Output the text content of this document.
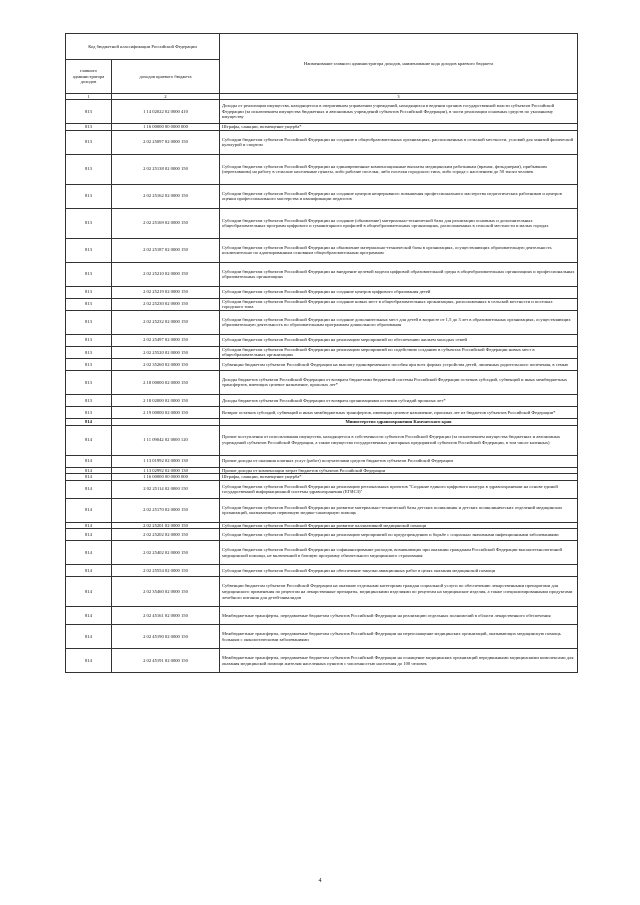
Код бюджетной классификации Российской Федерации		Наименование главного администратора доходов, наименование кода доходов краевого бюджета
главного администратора доходов	доходов краевого бюджета	
1	2	3
813	1 14 02022 02 0000 410	Доходы от реализации имущества, находящегося в оперативном управлении учреждений, находящихся в ведении органов государственной власти субъектов Российской Федерации (за исключением имущества бюджетных и автономных учреждений субъектов Российской Федерации), в части реализации основных средств по указанному имуществу
813	1 16 00000 00 0000 000	Штрафы, санкции, возмещение ущерба*
813	2 02 25097 02 0000 150	Субсидии бюджетам субъектов Российской Федерации на создание в общеобразовательных организациях, расположенных в сельской местности, условий для занятий физической культурой и спортом
813	2 02 25138 02 0000 150	Субсидии бюджетам субъектов Российской Федерации на единовременные компенсационные выплаты медицинским работникам (врачам, фельдшерам), прибывшим (переехавшим) на работу в сельские населенные пункты, либо рабочие поселки, либо поселки городского типа, либо города с населением до 50 тысяч человек
813	2 02 25162 02 0000 150	Субсидии бюджетам субъектов Российской Федерации на создание центров непрерывного повышения профессионального мастерства педагогических работников и центров оценки профессионального мастерства и квалификации педагогов
813	2 02 25169 02 0000 150	Субсидии бюджетам субъектов Российской Федерации на создание (обновление) материально-технической базы для реализации основных и дополнительных общеобразовательных программ цифрового и гуманитарного профилей в общеобразовательных организациях, расположенных в сельской местности и малых городах
813	2 02 25187 02 0000 150	Субсидии бюджетам субъектов Российской Федерации на обновление материально-технической базы в организациях, осуществляющих образовательную деятельность исключительно по адаптированным основным общеобразовательным программам
813	2 02 25210 02 0000 150	Субсидии бюджетам субъектов Российской Федерации на внедрение целевой модели цифровой образовательной среды в общеобразовательных организациях и профессиональных образовательных организациях
813	2 02 25219 02 0000 150	Субсидии бюджетам субъектов Российской Федерации на создание центров цифрового образования детей
813	2 02 25230 02 0000 150	Субсидии бюджетам субъектов Российской Федерации на создание новых мест в общеобразовательных организациях, расположенных в сельской местности и поселках городского типа
813	2 02 25232 02 0000 150	Субсидии бюджетам субъектов Российской Федерации на создание дополнительных мест для детей в возрасте от 1,5 до 3 лет в образовательных организациях, осуществляющих образовательную деятельность по образовательным программам дошкольного образования
813	2 02 25497 02 0000 150	Субсидии бюджетам субъектов Российской Федерации на реализацию мероприятий по обеспечению жильем молодых семей
813	2 02 25520 02 0000 150	Субсидии бюджетам субъектов Российской Федерации на реализацию мероприятий по содействию созданию в субъектах Российской Федерации новых мест в общеобразовательных организациях
813	2 02 35260 02 0000 150	Субвенции бюджетам субъектов Российской Федерации на выплату единовременного пособия при всех формах устройства детей, лишенных родительского попечения, в семью
813	2 18 00000 02 0000 150	Доходы бюджетов субъектов Российской Федерации от возврата бюджетами бюджетной системы Российской Федерации остатков субсидий, субвенций и иных межбюджетных трансфертов, имеющих целевое назначение, прошлых лет*
813	2 18 02000 02 0000 150	Доходы бюджетов субъектов Российской Федерации от возврата организациями остатков субсидий прошлых лет*
813	2 19 00000 02 0000 150	Возврат остатков субсидий, субвенций и иных межбюджетных трансфертов, имеющих целевое назначение, прошлых лет из бюджетов субъектов Российской Федерации*
814		Министерство здравоохранения Камчатского края
814	1 11 09042 02 0000 120	Прочие поступления от использования имущества, находящегося в собственности субъектов Российской Федерации (за исключением имущества бюджетных и автономных учреждений субъектов Российской Федерации, а также имущества государственных унитарных предприятий субъектов Российской Федерации, в том числе казенных)
814	1 13 01992 02 0000 130	Прочие доходы от оказания платных услуг (работ) получателями средств бюджетов субъектов Российской Федерации
814	1 13 02992 02 0000 130	Прочие доходы от компенсации затрат бюджетов субъектов Российской Федерации
814	1 16 00000 00 0000 000	Штрафы, санкции, возмещение ущерба*
814	2 02 25114 02 0000 150	Субсидии бюджетам субъектов Российской Федерации на реализацию региональных проектов "Создание единого цифрового контура в здравоохранении на основе единой государственной информационной системы здравоохранения (ЕГИСЗ)"
814	2 02 25170 02 0000 150	Субсидии бюджетам субъектов Российской Федерации на развитие материально-технической базы детских поликлиник и детских поликлинических отделений медицинских организаций, оказывающих первичную медико-санитарную помощь
814	2 02 25201 02 0000 150	Субсидии бюджетам субъектов Российской Федерации на развитие паллиативной медицинской помощи
814	2 02 25202 02 0000 150	Субсидии бюджетам субъектов Российской Федерации на реализацию мероприятий по предупреждению и борьбе с социально значимыми инфекционными заболеваниями
814	2 02 25402 02 0000 150	Субсидии бюджетам субъектов Российской Федерации на софинансирование расходов, возникающих при оказании гражданам Российской Федерации высокотехнологичной медицинской помощи, не включенной в базовую программу обязательного медицинского страхования
814	2 02 25554 02 0000 150	Субсидии бюджетам субъектов Российской Федерации на обеспечение закупки авиационных работ в целях оказания медицинской помощи
814	2 02 35460 02 0000 150	Субвенции бюджетам субъектов Российской Федерации на оказание отдельным категориям граждан социальной услуги по обеспечению лекарственными препаратами для медицинского применения по рецептам на лекарственные препараты, медицинскими изделиями по рецептам на медицинские изделия, а также специализированными продуктами лечебного питания для детей-инвалидов
814	2 02 45161 02 0000 150	Межбюджетные трансферты, передаваемые бюджетам субъектов Российской Федерации на реализацию отдельных полномочий в области лекарственного обеспечения
814	2 02 45190 02 0000 150	Межбюджетные трансферты, передаваемые бюджетам субъектов Российской Федерации на переоснащение медицинских организаций, оказывающих медицинскую помощь больным с онкологическими заболеваниями
814	2 02 45191 02 0000 150	Межбюджетные трансферты, передаваемые бюджетам субъектов Российской Федерации на оснащение медицинских организаций передвижными медицинскими комплексами для оказания медицинской помощи жителям населенных пунктов с численностью населения до 100 человек
4
